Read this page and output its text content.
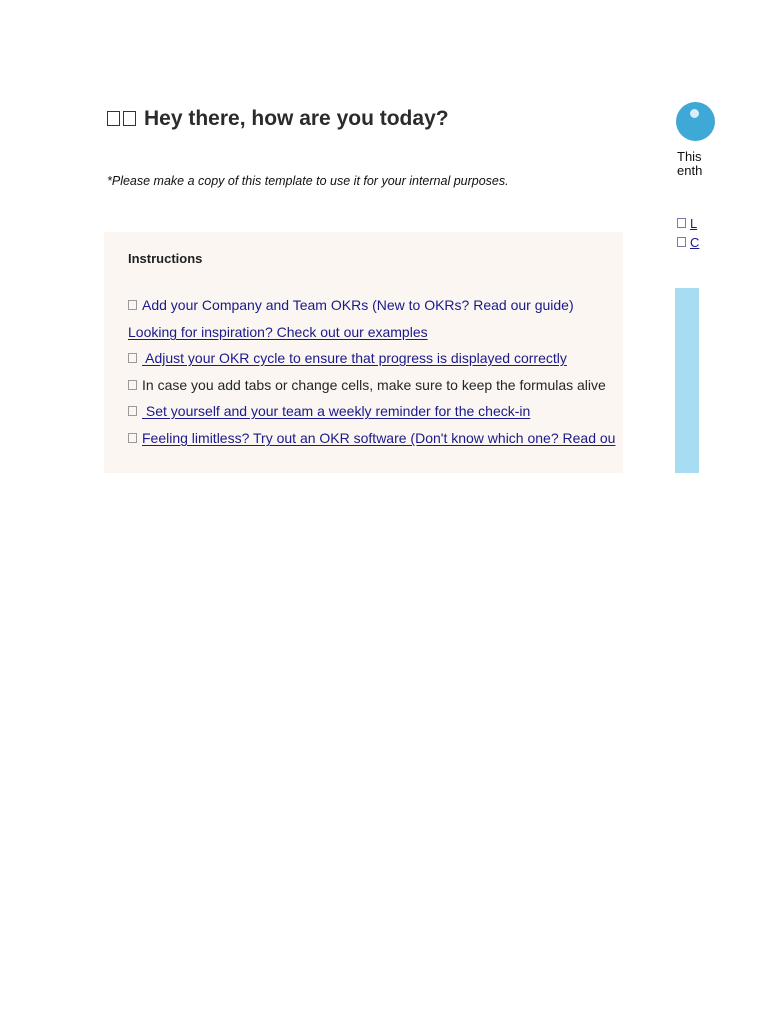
Hey there, how are you today?
*Please make a copy of this template to use it for your internal purposes.
Instructions
Add your Company and Team OKRs (New to OKRs? Read our guide)
Looking for inspiration? Check out our examples
Adjust your OKR cycle to ensure that progress is displayed correctly
In case you add tabs or change cells, make sure to keep the formulas alive
Set yourself and your team a weekly reminder for the check-in
Feeling limitless? Try out an OKR software (Don't know which one? Read ou
This
enth
L
C
